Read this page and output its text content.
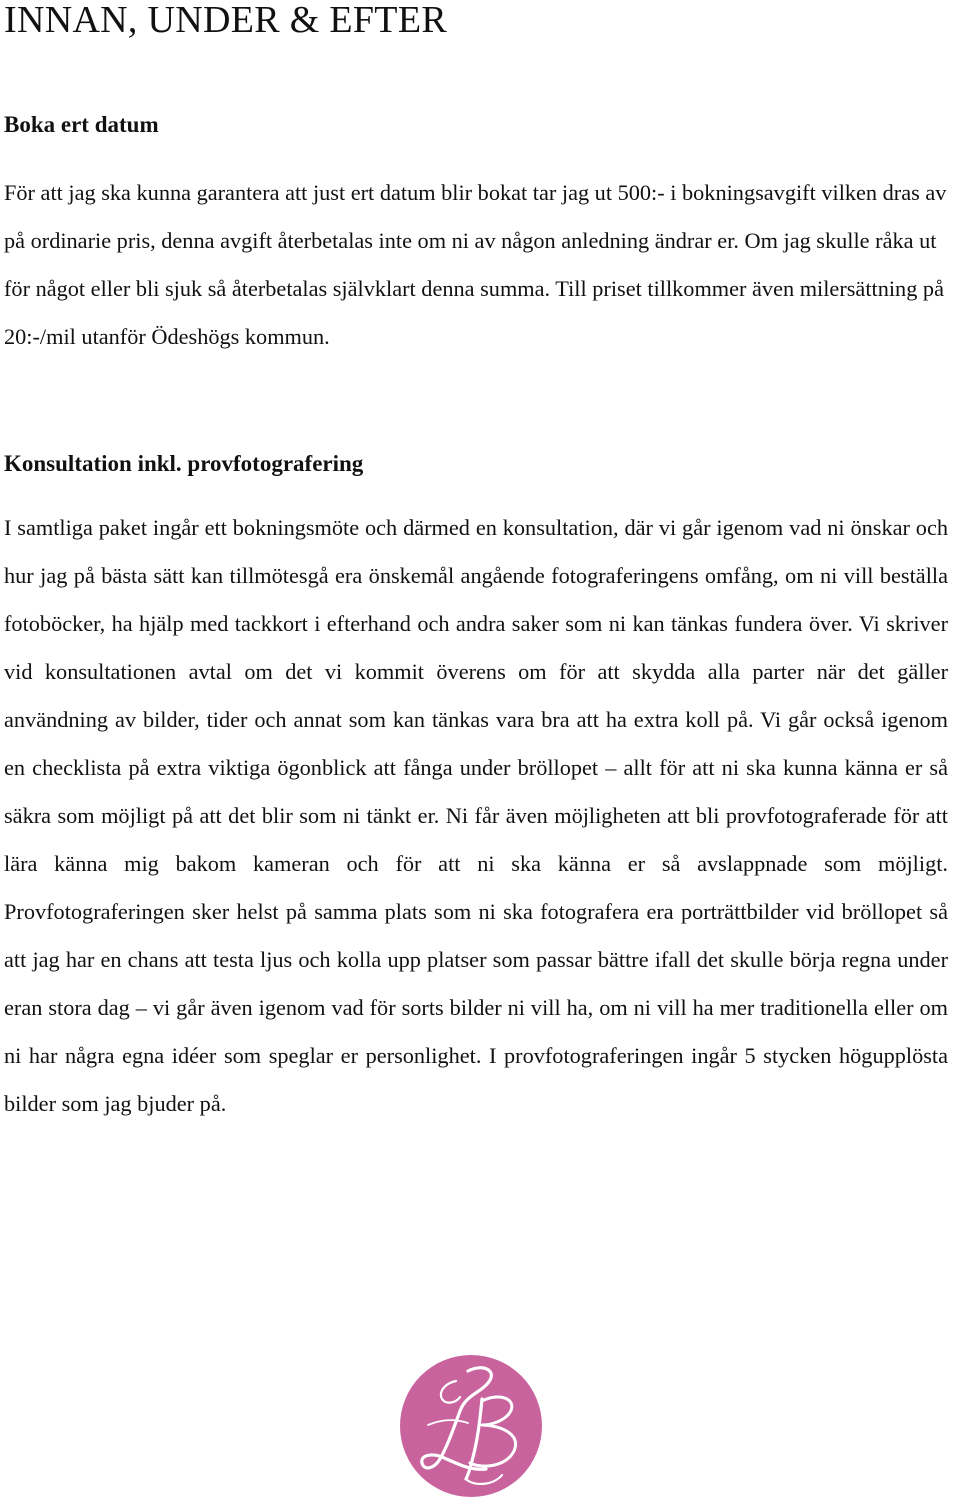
INNAN, UNDER & EFTER
Boka ert datum

För att jag ska kunna garantera att just ert datum blir bokat tar jag ut 500:- i bokningsavgift vilken dras av på ordinarie pris, denna avgift återbetalas inte om ni av någon anledning ändrar er. Om jag skulle råka ut för något eller bli sjuk så återbetalas självklart denna summa. Till priset tillkommer även milersättning på 20:-/mil utanför Ödeshögs kommun.

Konsultation inkl. provfotografering

I samtliga paket ingår ett bokningsmöte och därmed en konsultation, där vi går igenom vad ni önskar och hur jag på bästa sätt kan tillmötesgå era önskemål angående fotograferingens omfång, om ni vill beställa fotoböcker, ha hjälp med tackkort i efterhand och andra saker som ni kan tänkas fundera över. Vi skriver vid konsultationen avtal om det vi kommit överens om för att skydda alla parter när det gäller användning av bilder, tider och annat som kan tänkas vara bra att ha extra koll på. Vi går också igenom en checklista på extra viktiga ögonblick att fånga under bröllopet – allt för att ni ska kunna känna er så säkra som möjligt på att det blir som ni tänkt er. Ni får även möjligheten att bli provfotograferade för att lära känna mig bakom kameran och för att ni ska känna er så avslappnade som möjligt. Provfotograferingen sker helst på samma plats som ni ska fotografera era porträttbilder vid bröllopet så att jag har en chans att testa ljus och kolla upp platser som passar bättre ifall det skulle börja regna under eran stora dag – vi går även igenom vad för sorts bilder ni vill ha, om ni vill ha mer traditionella eller om ni har några egna idéer som speglar er personlighet. I provfotograferingen ingår 5 stycken högupplösta bilder som jag bjuder på.
